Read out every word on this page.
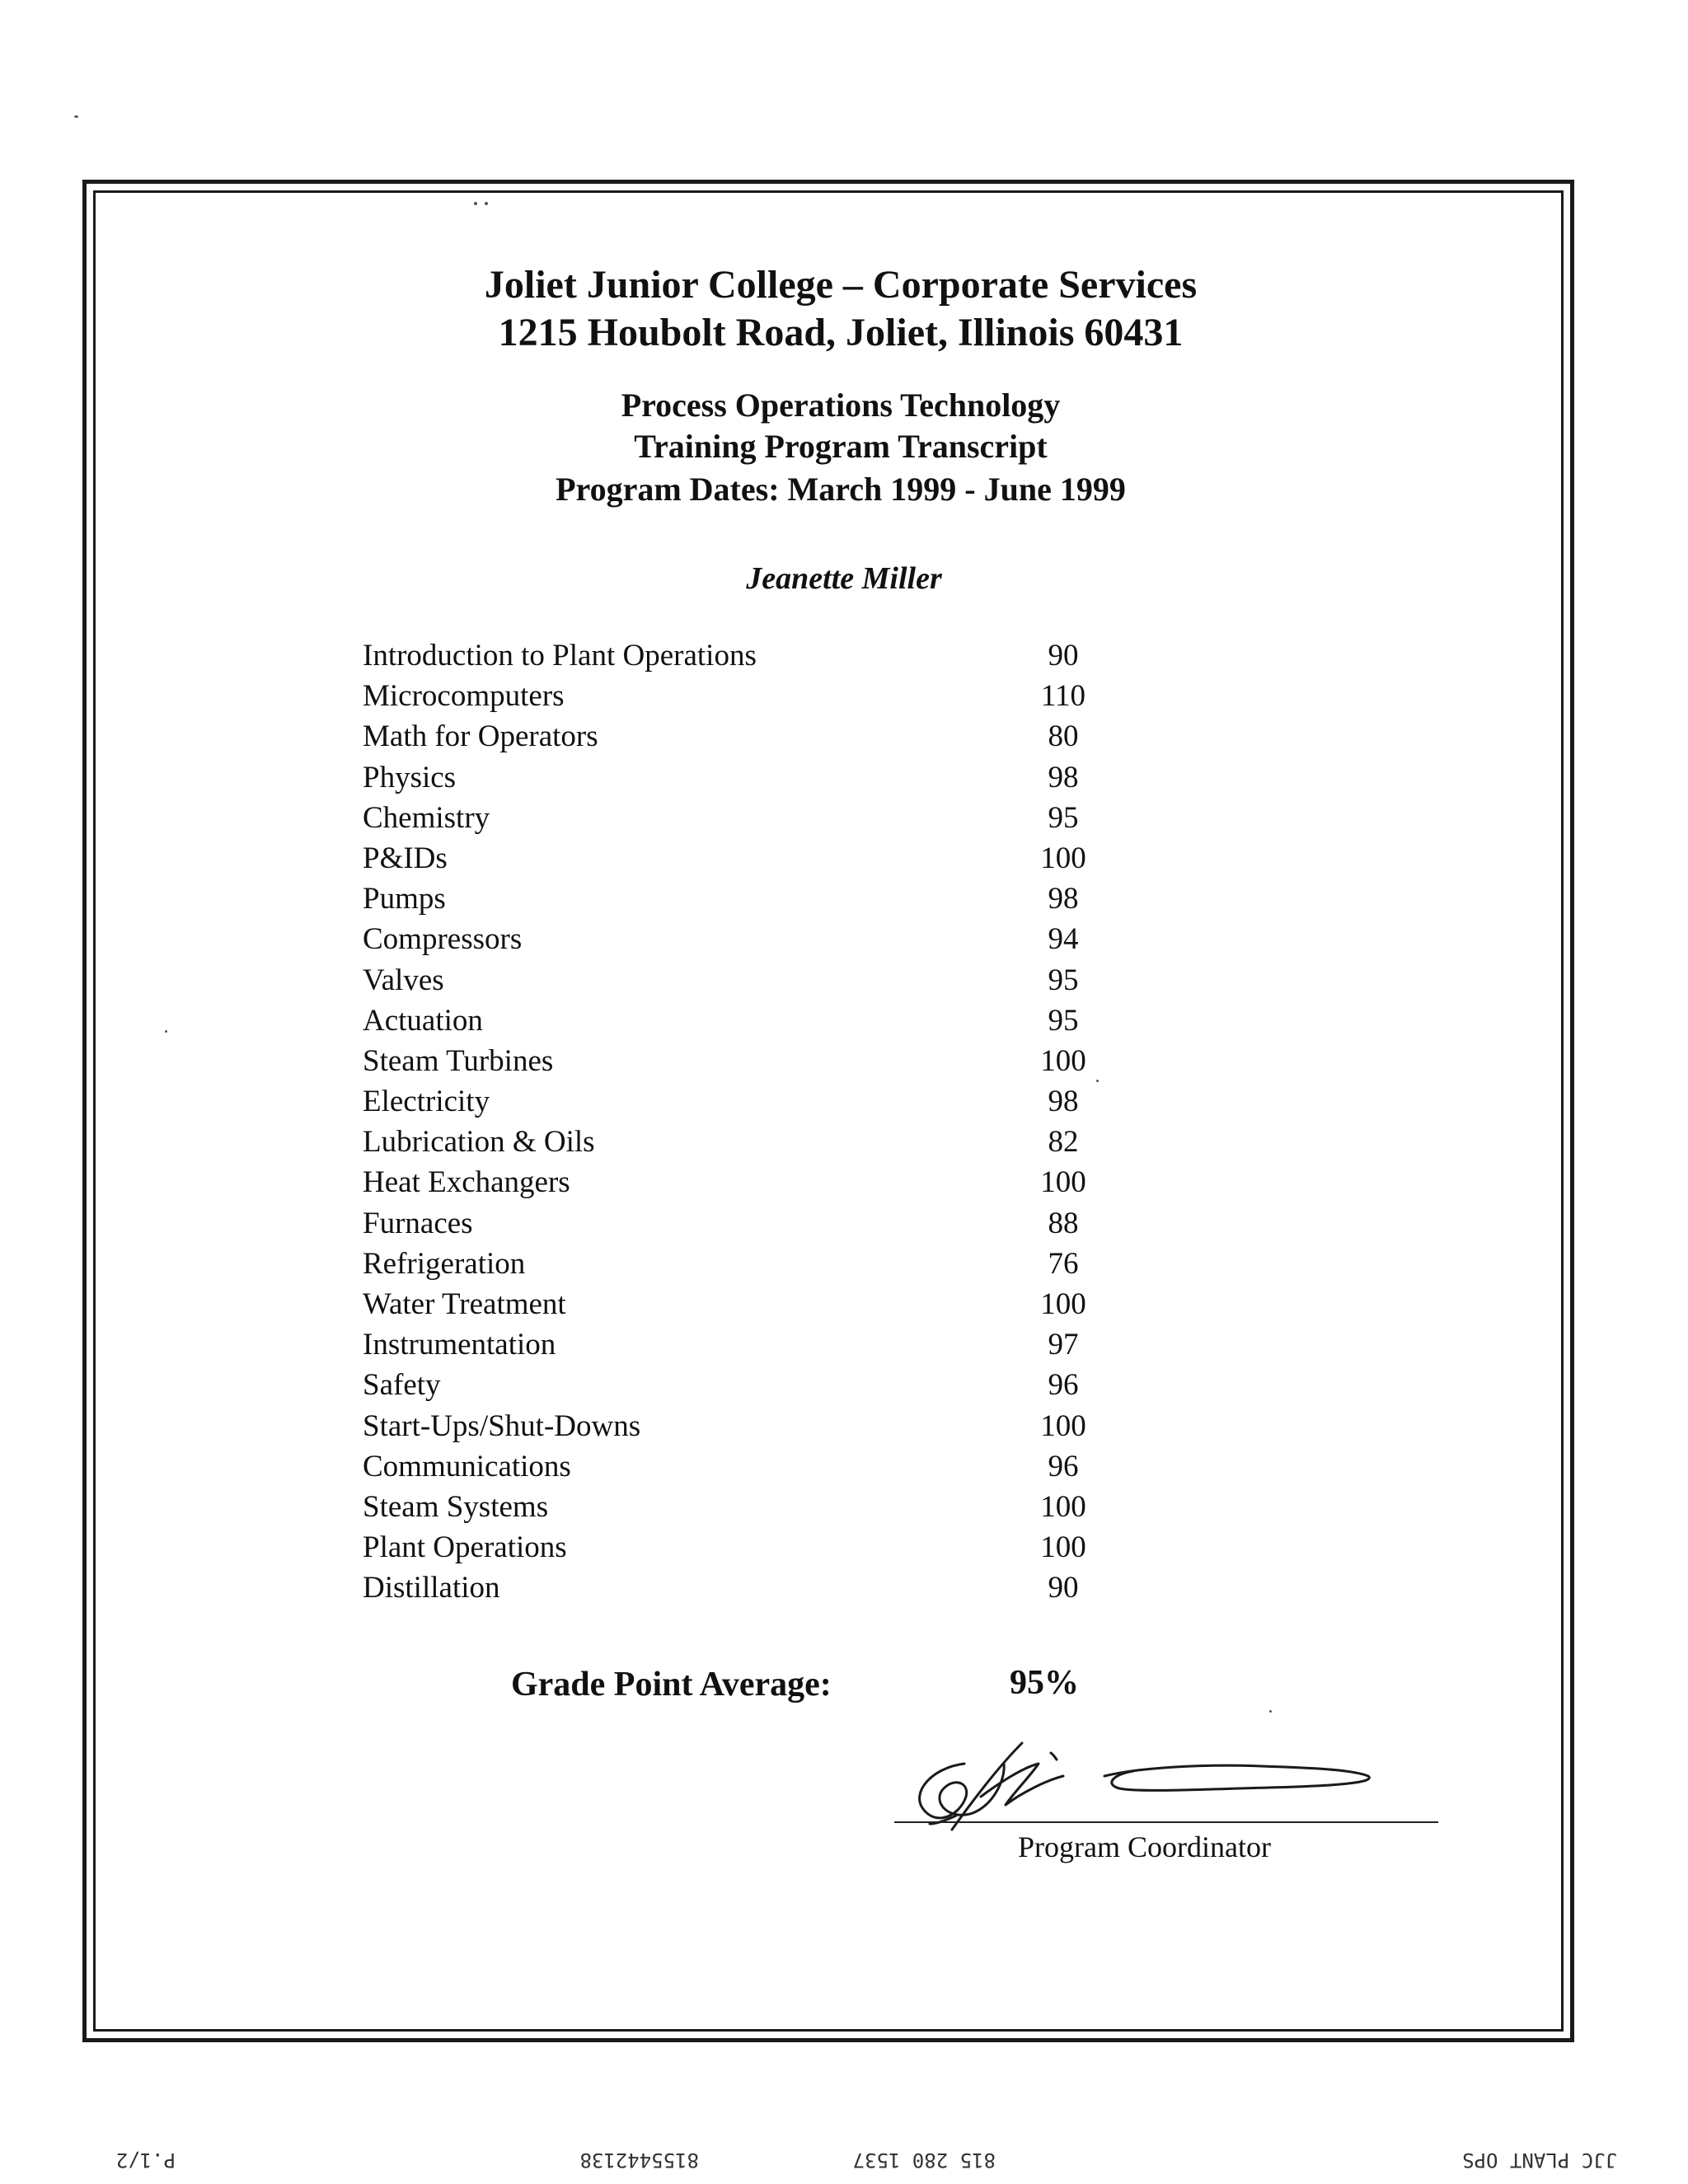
Joliet Junior College – Corporate Services
1215 Houbolt Road, Joliet, Illinois 60431
Process Operations Technology
Training Program Transcript
Program Dates: March 1999 - June 1999
Jeanette Miller
Introduction to Plant Operations	90
Microcomputers	110
Math for Operators	80
Physics	98
Chemistry	95
P&IDs	100
Pumps	98
Compressors	94
Valves	95
Actuation	95
Steam Turbines	100
Electricity	98
Lubrication & Oils	82
Heat Exchangers	100
Furnaces	88
Refrigeration	76
Water Treatment	100
Instrumentation	97
Safety	96
Start-Ups/Shut-Downs	100
Communications	96
Steam Systems	100
Plant Operations	100
Distillation	90
Grade Point Average:	95%
Program Coordinator
JJC PLANT OPS
815 280 1537
8155442138
P.1/2
